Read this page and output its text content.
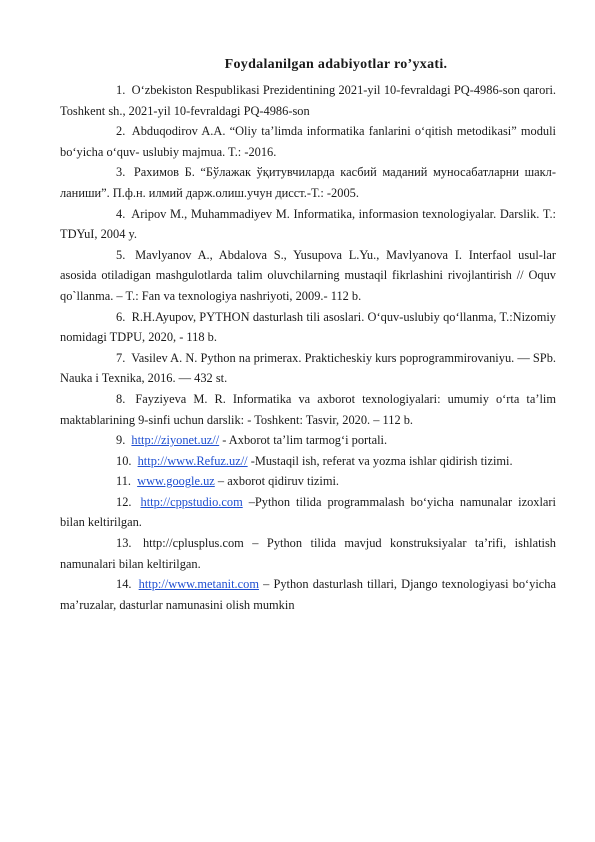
Foydalanilgan adabiyotlar ro’yxati.

1. O‘zbekiston Respublikasi Prezidentining 2021-yil 10-fevraldagi PQ-4986-son qarori. Toshkent sh., 2021-yil 10-fevraldagi PQ-4986-son

2. Abduqodirov A.A. “Oliy ta’limda informatika fanlarini o‘qitish metodikasi” moduli bo‘yicha o‘quv- uslubiy majmua. T.: -2016.

3. Рахимов Б. “Бўлажак ўқитувчиларда касбий маданий муносабатларни шакл-ланиши”. П.ф.н. илмий дарж.олиш.учун дисст.-Т.: -2005.

4. Aripov M., Muhammadiyev M. Informatika, informasion texnologiyalar. Darslik. T.: TDYuI, 2004 y.

5. Mavlyanov A., Abdalova S., Yusupova L.Yu., Mavlyanova I. Interfaol usul-lar asosida otiladigan mashgulotlarda talim oluvchilarning mustaqil fikrlashini rivojlantirish // Oquv qo`llanma. – T.: Fan va texnologiya nashriyoti, 2009.- 112 b.

6. R.H.Ayupov, PYTHON dasturlash tili asoslari. O‘quv-uslubiy qo‘llanma, T.:Nizomiy nomidagi TDPU, 2020, - 118 b.

7. Vasilev A. N. Python na primerax. Prakticheskiy kurs poprogrammirovaniyu. — SPb. Nauka i Texnika, 2016. — 432 st.

8. Fayziyeva M. R. Informatika va axborot texnologiyalari: umumiy o‘rta ta’lim maktablarining 9-sinfi uchun darslik: - Toshkent: Tasvir, 2020. – 112 b.

9. http://ziyonet.uz// - Axborot ta’lim tarmog‘i portali.

10. http://www.Refuz.uz// -Mustaqil ish, referat va yozma ishlar qidirish tizimi.

11. www.google.uz – axborot qidiruv tizimi.

12. http://cppstudio.com –Python tilida programmalash bo‘yicha namunalar izoxlari bilan keltirilgan.

13. http://cplusplus.com – Python tilida mavjud konstruksiyalar ta’rifi, ishlatish namunalari bilan keltirilgan.

14. http://www.metanit.com – Python dasturlash tillari, Django texnologiyasi bo‘yicha ma’ruzalar, dasturlar namunasini olish mumkin
